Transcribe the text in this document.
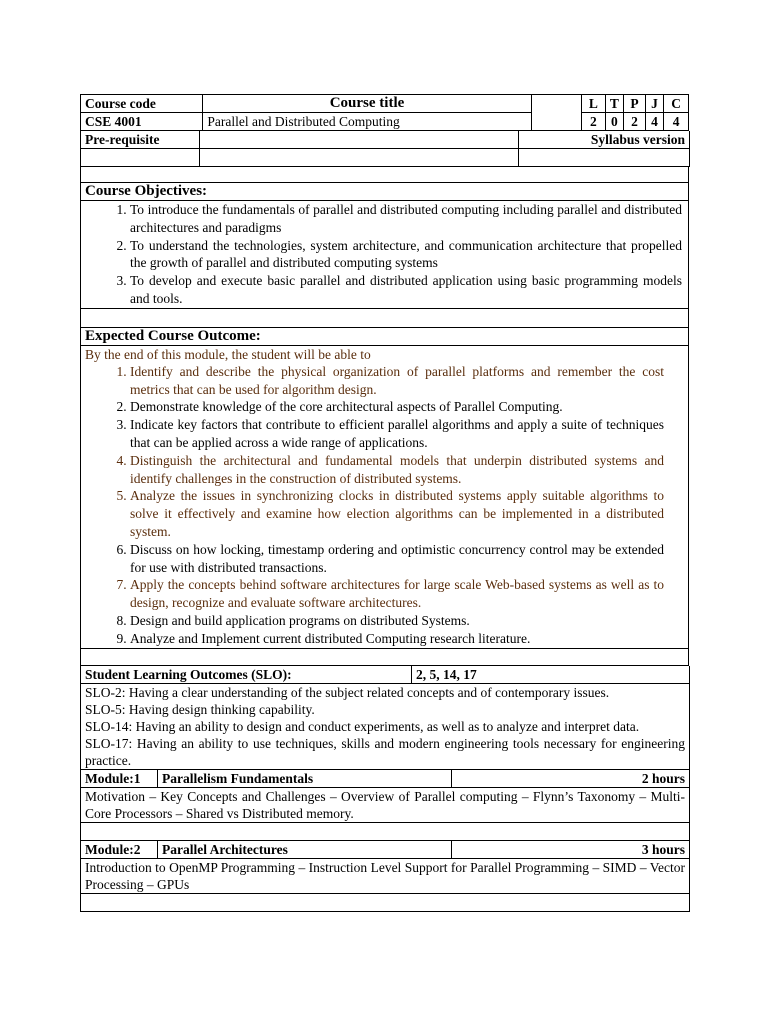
Course code	Course title		L	T	P	J	C
CSE 4001	Parallel and Distributed Computing		2	0	2	4	4
Pre-requisite		Syllabus version

Course Objectives:

1. To introduce the fundamentals of parallel and distributed computing including parallel and distributed architectures and paradigms
2. To understand the technologies, system architecture, and communication architecture that propelled the growth of parallel and distributed computing systems
3. To develop and execute basic parallel and distributed application using basic programming models and tools.

Expected Course Outcome:

By the end of this module, the student will be able to
1. Identify and describe the physical organization of parallel platforms and remember the cost metrics that can be used for algorithm design.
2. Demonstrate knowledge of the core architectural aspects of Parallel Computing.
3. Indicate key factors that contribute to efficient parallel algorithms and apply a suite of techniques that can be applied across a wide range of applications.
4. Distinguish the architectural and fundamental models that underpin distributed systems and identify challenges in the construction of distributed systems.
5. Analyze the issues in synchronizing clocks in distributed systems apply suitable algorithms to        solve it effectively and examine how election algorithms can be implemented in a distributed system.
6. Discuss on how locking, timestamp ordering and optimistic concurrency control may be extended for use with distributed transactions.
7. Apply the concepts behind software architectures for large scale Web-based systems as well as to design, recognize and evaluate software architectures.
8. Design and build application programs on distributed Systems.
9. Analyze and Implement current distributed Computing research literature.

Student Learning Outcomes (SLO):	2, 5, 14, 17

SLO-2: Having a clear understanding of the subject related concepts and of contemporary issues.
SLO-5: Having design thinking capability.
SLO-14: Having an ability to design and conduct experiments, as well as to analyze and interpret data.
SLO-17: Having an ability to use techniques, skills and modern engineering tools necessary for engineering practice.
Module:1	Parallelism Fundamentals	2 hours
Motivation – Key Concepts and Challenges – Overview of Parallel computing – Flynn’s Taxonomy – Multi-Core Processors – Shared vs Distributed memory.

Module:2	Parallel Architectures	3 hours
Introduction to OpenMP Programming – Instruction Level Support for Parallel Programming – SIMD – Vector Processing – GPUs
